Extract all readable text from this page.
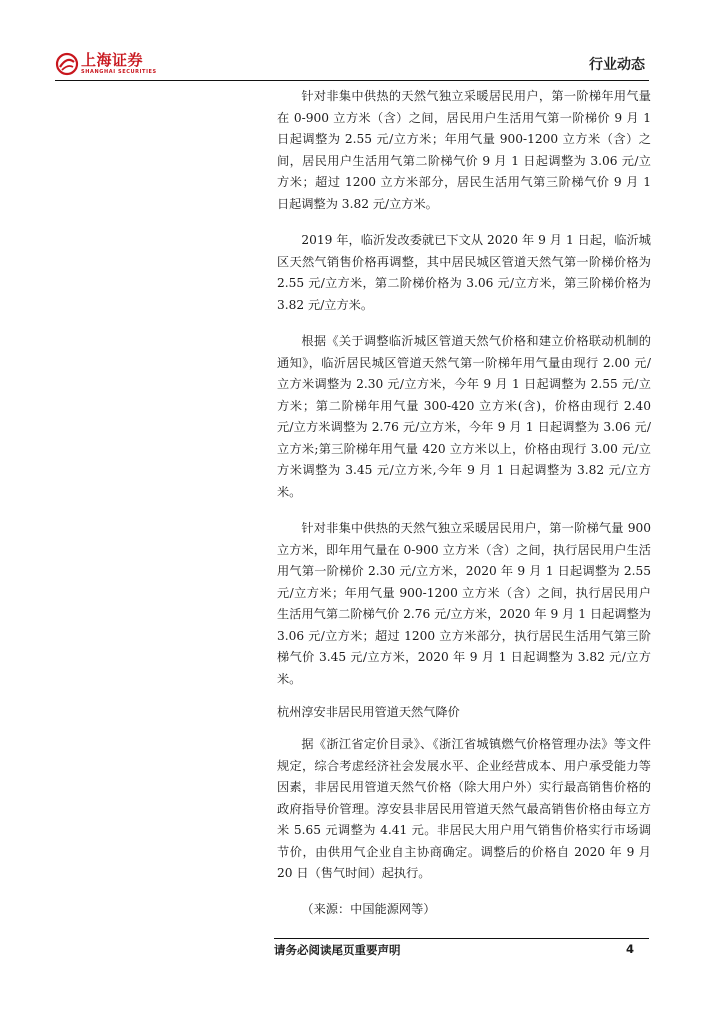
上海证券
SHANGHAI SECURITIES	行业动态

针对非集中供热的天然气独立采暖居民用户，第一阶梯年用气量在 0-900 立方米（含）之间，居民用户生活用气第一阶梯价 9 月 1 日起调整为 2.55 元/立方米；年用气量 900-1200 立方米（含）之间，居民用户生活用气第二阶梯气价 9 月 1 日起调整为 3.06 元/立方米；超过 1200 立方米部分，居民生活用气第三阶梯气价 9 月 1 日起调整为 3.82 元/立方米。

2019 年，临沂发改委就已下文从 2020 年 9 月 1 日起，临沂城区天然气销售价格再调整，其中居民城区管道天然气第一阶梯价格为 2.55 元/立方米，第二阶梯价格为 3.06 元/立方米，第三阶梯价格为 3.82 元/立方米。

根据《关于调整临沂城区管道天然气价格和建立价格联动机制的通知》，临沂居民城区管道天然气第一阶梯年用气量由现行 2.00 元/立方米调整为 2.30 元/立方米，今年 9 月 1 日起调整为 2.55 元/立方米；第二阶梯年用气量 300-420 立方米(含)，价格由现行 2.40 元/立方米调整为 2.76 元/立方米，今年 9 月 1 日起调整为 3.06 元/立方米;第三阶梯年用气量 420 立方米以上，价格由现行 3.00 元/立方米调整为 3.45 元/立方米,今年 9 月 1 日起调整为 3.82 元/立方米。

针对非集中供热的天然气独立采暖居民用户，第一阶梯气量 900 立方米，即年用气量在 0-900 立方米（含）之间，执行居民用户生活用气第一阶梯价 2.30 元/立方米，2020 年 9 月 1 日起调整为 2.55 元/立方米；年用气量 900-1200 立方米（含）之间，执行居民用户生活用气第二阶梯气价 2.76 元/立方米，2020 年 9 月 1 日起调整为 3.06 元/立方米；超过 1200 立方米部分，执行居民生活用气第三阶梯气价 3.45 元/立方米，2020 年 9 月 1 日起调整为 3.82 元/立方米。

杭州淳安非居民用管道天然气降价

据《浙江省定价目录》、《浙江省城镇燃气价格管理办法》等文件规定，综合考虑经济社会发展水平、企业经营成本、用户承受能力等因素，非居民用管道天然气价格（除大用户外）实行最高销售价格的政府指导价管理。淳安县非居民用管道天然气最高销售价格由每立方米 5.65 元调整为 4.41 元。非居民大用户用气销售价格实行市场调节价，由供用气企业自主协商确定。调整后的价格自 2020 年 9 月 20 日（售气时间）起执行。

（来源：中国能源网等）

请务必阅读尾页重要声明	4
